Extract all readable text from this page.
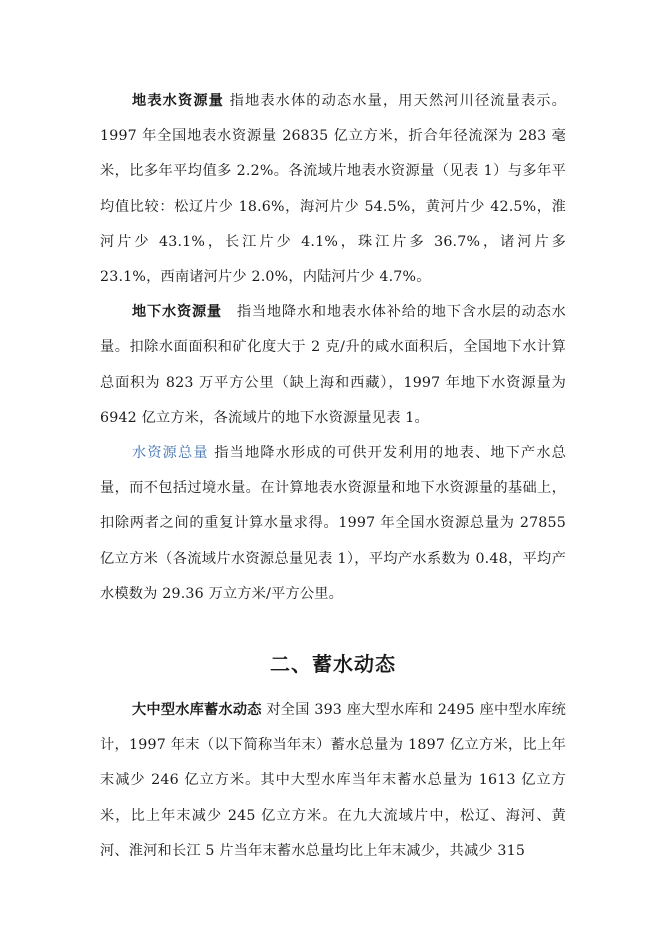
地表水资源量 指地表水体的动态水量，用天然河川径流量表示。1997 年全国地表水资源量 26835 亿立方米，折合年径流深为 283 毫米，比多年平均值多 2.2%。各流域片地表水资源量（见表 1）与多年平均值比较：松辽片少 18.6%，海河片少 54.5%，黄河片少 42.5%，淮河片少 43.1%，长江片少 4.1%，珠江片多 36.7%，诸河片多 23.1%，西南诸河片少 2.0%，内陆河片少 4.7%。

地下水资源量　指当地降水和地表水体补给的地下含水层的动态水量。扣除水面面积和矿化度大于 2 克/升的咸水面积后，全国地下水计算总面积为 823 万平方公里（缺上海和西藏），1997 年地下水资源量为 6942 亿立方米，各流域片的地下水资源量见表 1。

水资源总量 指当地降水形成的可供开发利用的地表、地下产水总量，而不包括过境水量。在计算地表水资源量和地下水资源量的基础上，扣除两者之间的重复计算水量求得。1997 年全国水资源总量为 27855 亿立方米（各流域片水资源总量见表 1），平均产水系数为 0.48，平均产水模数为 29.36 万立方米/平方公里。

二、蓄水动态

大中型水库蓄水动态 对全国 393 座大型水库和 2495 座中型水库统计，1997 年末（以下简称当年末）蓄水总量为 1897 亿立方米，比上年末减少 246 亿立方米。其中大型水库当年末蓄水总量为 1613 亿立方米，比上年末减少 245 亿立方米。在九大流域片中，松辽、海河、黄河、淮河和长江 5 片当年末蓄水总量均比上年末减少，共减少 315
